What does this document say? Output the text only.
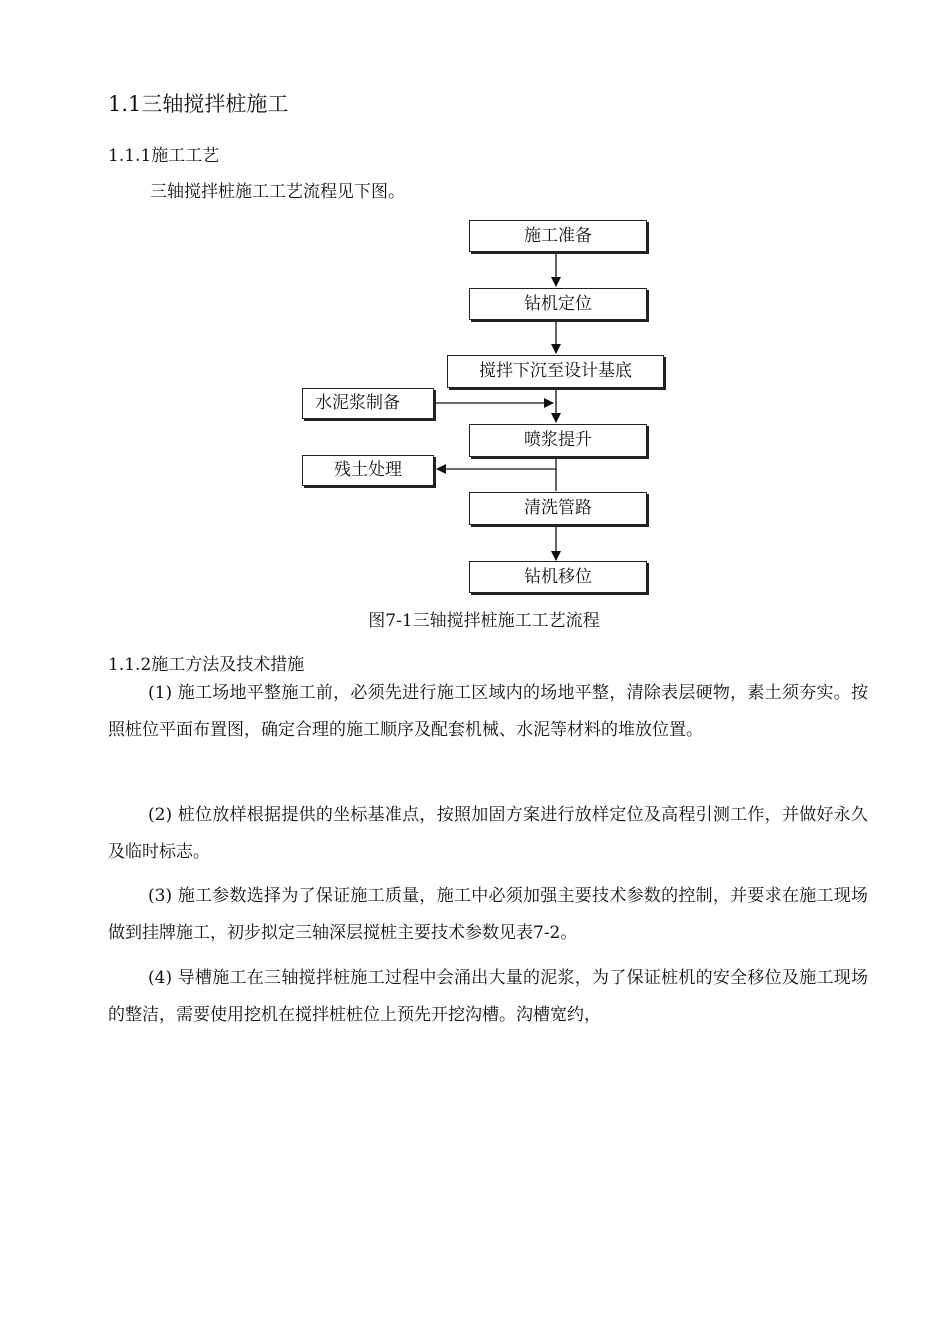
1.1三轴搅拌桩施工
1.1.1施工工艺
三轴搅拌桩施工工艺流程见下图。
施工准备
钻机定位
搅拌下沉至设计基底
水泥浆制备
喷浆提升
残土处理
清洗管路
钻机移位
图7-1三轴搅拌桩施工工艺流程
1.1.2施工方法及技术措施
(1) 施工场地平整施工前，必须先进行施工区域内的场地平整，清除表层硬物，素土须夯实。按照桩位平面布置图，确定合理的施工顺序及配套机械、水泥等材料的堆放位置。
(2) 桩位放样根据提供的坐标基准点，按照加固方案进行放样定位及高程引测工作，并做好永久及临时标志。
(3) 施工参数选择为了保证施工质量，施工中必须加强主要技术参数的控制，并要求在施工现场做到挂牌施工，初步拟定三轴深层搅桩主要技术参数见表7-2。
(4) 导槽施工在三轴搅拌桩施工过程中会涌出大量的泥浆，为了保证桩机的安全移位及施工现场的整洁，需要使用挖机在搅拌桩桩位上预先开挖沟槽。沟槽宽约，
